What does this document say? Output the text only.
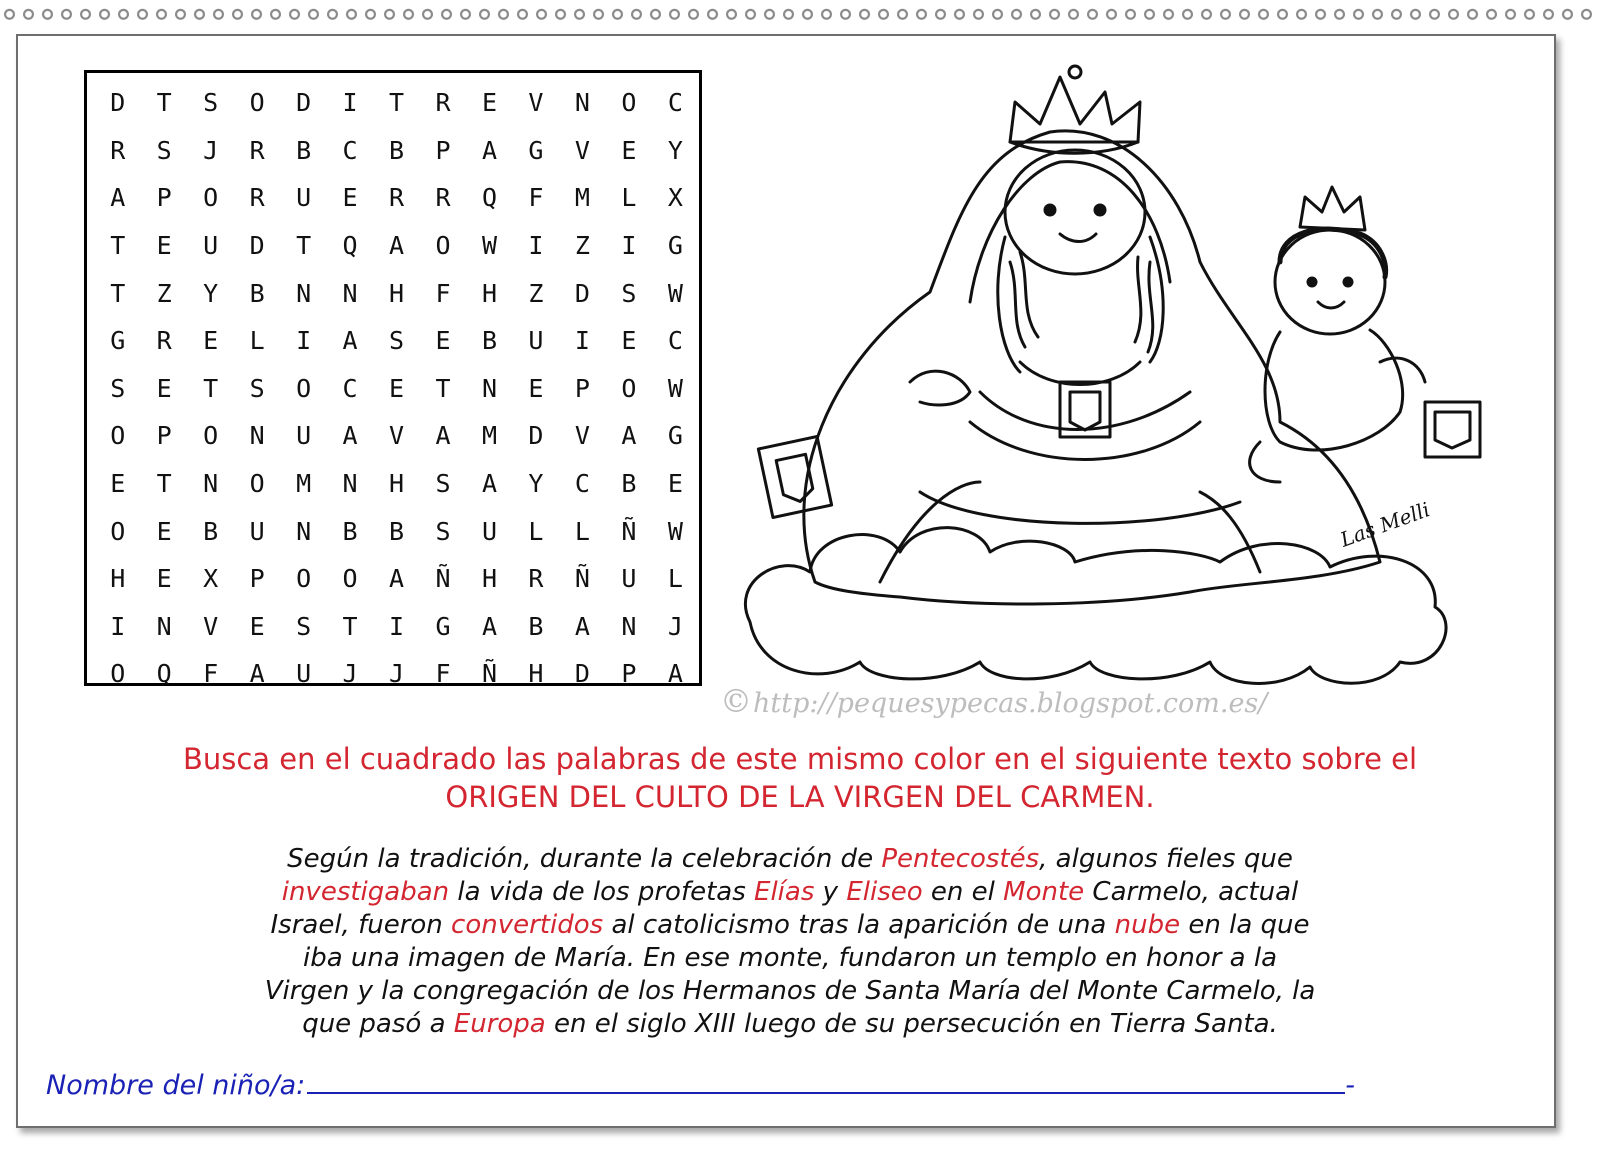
D	T	S	O	D	I	T	R	E	V	N	O	C
R	S	J	R	B	C	B	P	A	G	V	E	Y
A	P	O	R	U	E	R	R	Q	F	M	L	X
T	E	U	D	T	Q	A	O	W	I	Z	I	G
T	Z	Y	B	N	N	H	F	H	Z	D	S	W
G	R	E	L	I	A	S	E	B	U	I	E	C
S	E	T	S	O	C	E	T	N	E	P	O	W
O	P	O	N	U	A	V	A	M	D	V	A	G
E	T	N	O	M	N	H	S	A	Y	C	B	E
O	E	B	U	N	B	B	S	U	L	L	Ñ	W
H	E	X	P	O	O	A	Ñ	H	R	Ñ	U	L
I	N	V	E	S	T	I	G	A	B	A	N	J
O	Q	F	A	U	J	J	F	Ñ	H	D	P	A
Las Melli
©http://pequesypecas.blogspot.com.es/
Busca en el cuadrado las palabras de este mismo color en el siguiente texto sobre el
ORIGEN DEL CULTO DE LA VIRGEN DEL CARMEN.
Según la tradición, durante la celebración de Pentecostés, algunos fieles que
investigaban la vida de los profetas Elías y Eliseo en el Monte Carmelo, actual
Israel, fueron convertidos al catolicismo tras la aparición de una nube en la que
iba una imagen de María. En ese monte, fundaron un templo en honor a la
Virgen y la congregación de los Hermanos de Santa María del Monte Carmelo, la
que pasó a Europa en el siglo XIII luego de su persecución en Tierra Santa.
Nombre del niño/a:	-
